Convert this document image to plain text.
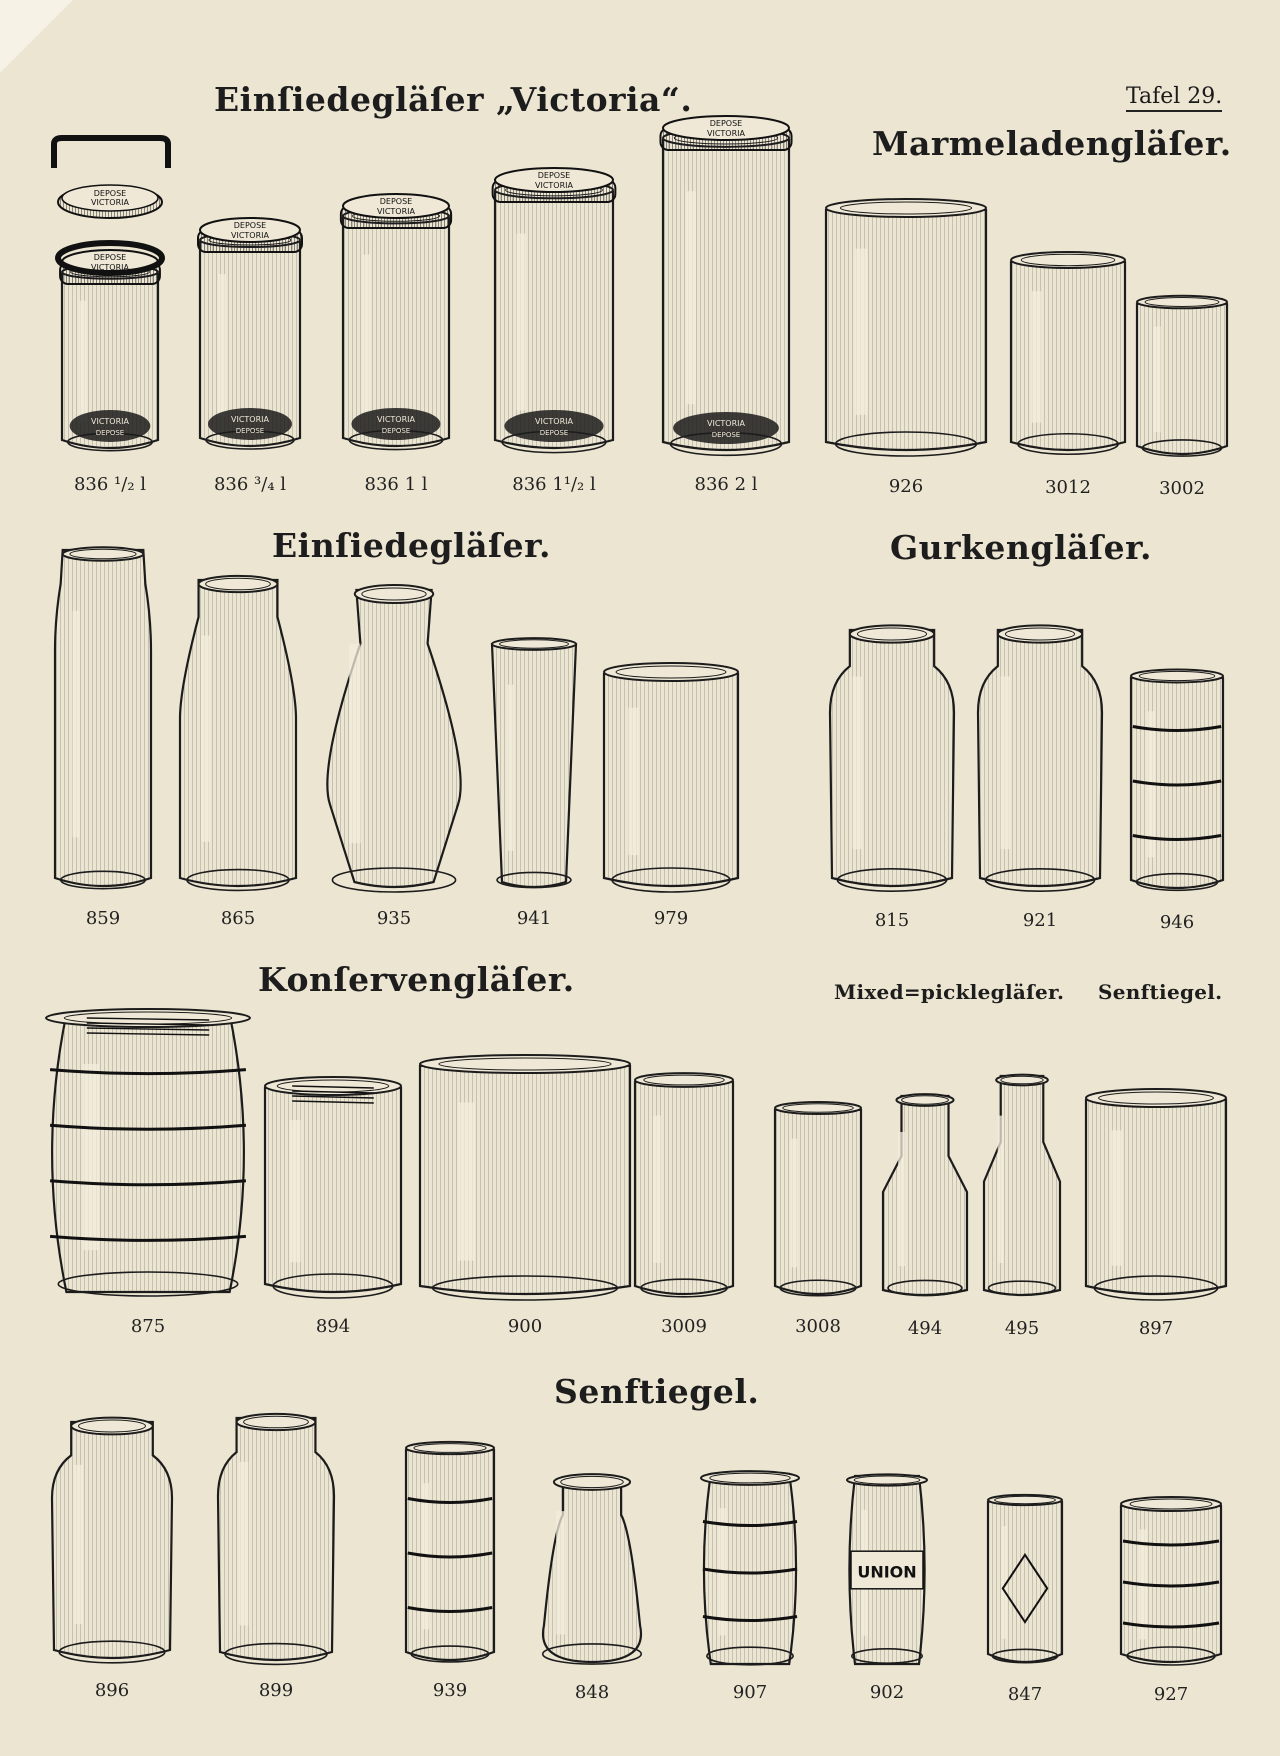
Einſiedegläſer „Victoria“.	Tafel 29.
Marmeladengläſer.
Einſiedegläſer.	Gurkengläſer.
Konſervengläſer.	Mixed=pickleglӓſer. Senftiegel.
Senftiegel.
DEPOSE
VICTORIA
VICTORIA
DEPOSE
DEPOSE
VICTORIA
VICTORIA
DEPOSE
DEPOSE
VICTORIA
VICTORIA
DEPOSE
DEPOSE
VICTORIA
VICTORIA
DEPOSE
DEPOSE
VICTORIA
VICTORIA
DEPOSE
UNION
DEPOSE
VICTORIA
836 ¹/₂ l	836 ³/₄ l	836 1 l	836 1¹/₂ l	836 2 l	926	3012	3002
859	865	935	941	979	815	921	946
875	894	900	3009	3008	494	495	897
896	899	939	848	907	902	847	927
